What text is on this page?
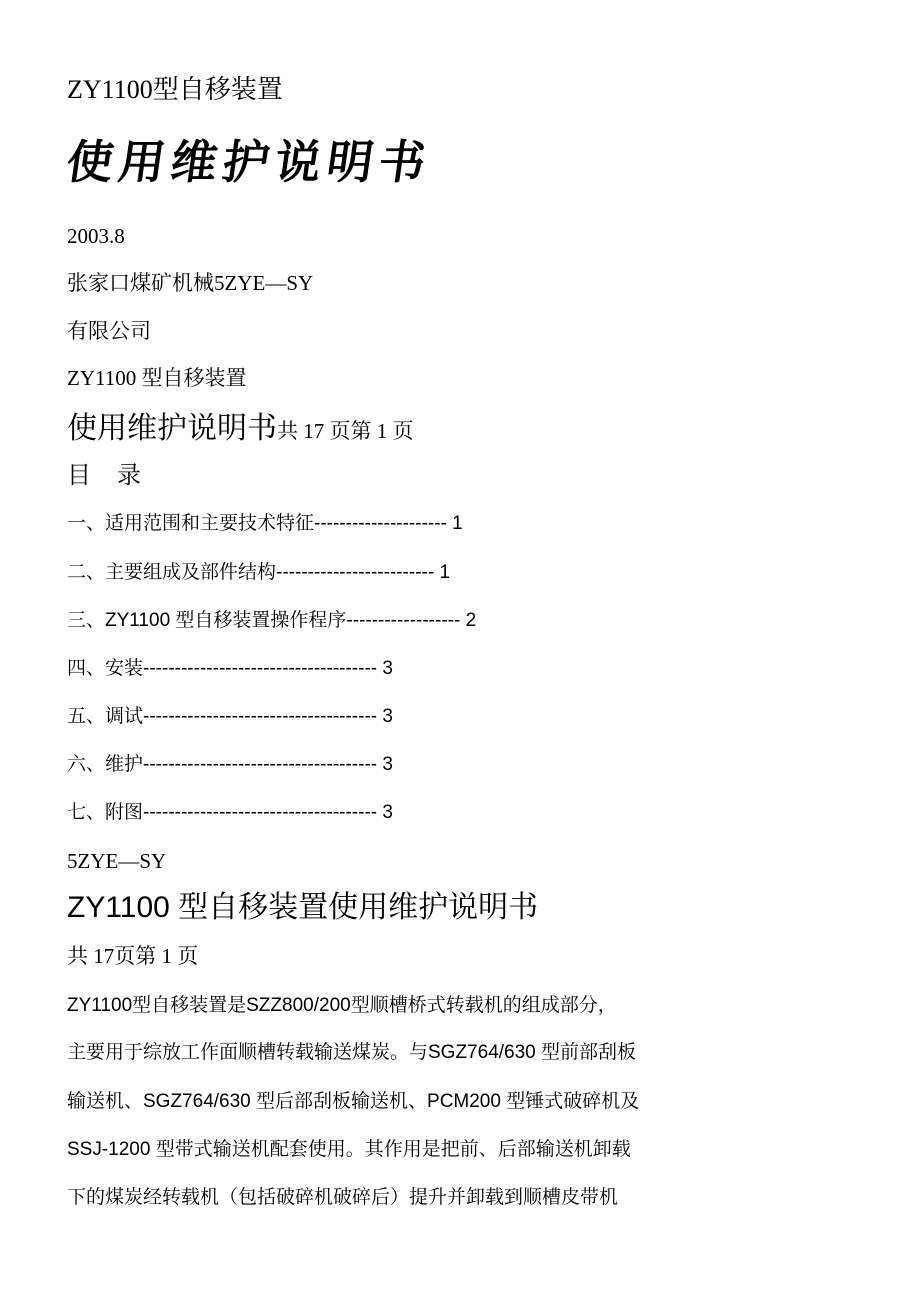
ZY1100型自移装置
使用维护说明书
2003.8
张家口煤矿机械5ZYE—SY
有限公司
ZY1100 型自移装置
使用维护说明书共 17 页第 1 页
目 录
一、适用范围和主要技术特征--------------------- 1
二、主要组成及部件结构------------------------- 1
三、ZY1100 型自移装置操作程序------------------ 2
四、安装------------------------------------- 3
五、调试------------------------------------- 3
六、维护------------------------------------- 3
七、附图------------------------------------- 3
5ZYE—SY
ZY1100 型自移装置使用维护说明书
共 17页第 1 页
ZY1100型自移装置是SZZ800/200型顺槽桥式转载机的组成部分，
主要用于综放工作面顺槽转载输送煤炭。与SGZ764/630 型前部刮板
输送机、SGZ764/630 型后部刮板输送机、PCM200 型锤式破碎机及
SSJ-1200 型带式输送机配套使用。其作用是把前、后部输送机卸载
下的煤炭经转载机（包括破碎机破碎后）提升并卸载到顺槽皮带机
